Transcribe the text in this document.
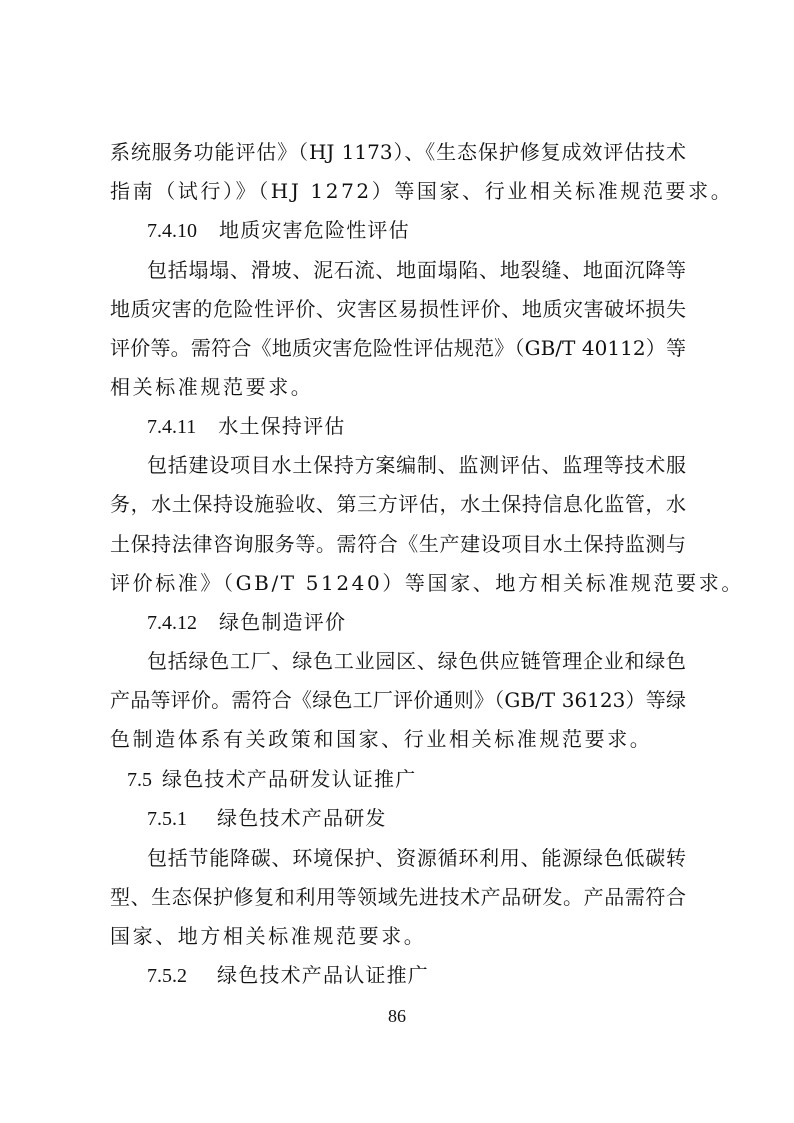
系统服务功能评估》（HJ 1173）、《生态保护修复成效评估技术
指南（试行）》（HJ 1272）等国家、行业相关标准规范要求。
7.4.10 地质灾害危险性评估
包括塌塌、滑坡、泥石流、地面塌陷、地裂缝、地面沉降等
地质灾害的危险性评价、灾害区易损性评价、地质灾害破坏损失
评价等。需符合《地质灾害危险性评估规范》（GB/T 40112）等
相关标准规范要求。
7.4.11 水土保持评估
包括建设项目水土保持方案编制、监测评估、监理等技术服
务，水土保持设施验收、第三方评估，水土保持信息化监管，水
土保持法律咨询服务等。需符合《生产建设项目水土保持监测与
评价标准》（GB/T 51240）等国家、地方相关标准规范要求。
7.4.12 绿色制造评价
包括绿色工厂、绿色工业园区、绿色供应链管理企业和绿色
产品等评价。需符合《绿色工厂评价通则》（GB/T 36123）等绿
色制造体系有关政策和国家、行业相关标准规范要求。
7.5 绿色技术产品研发认证推广
7.5.1 绿色技术产品研发
包括节能降碳、环境保护、资源循环利用、能源绿色低碳转
型、生态保护修复和利用等领域先进技术产品研发。产品需符合
国家、地方相关标准规范要求。
7.5.2 绿色技术产品认证推广
86
